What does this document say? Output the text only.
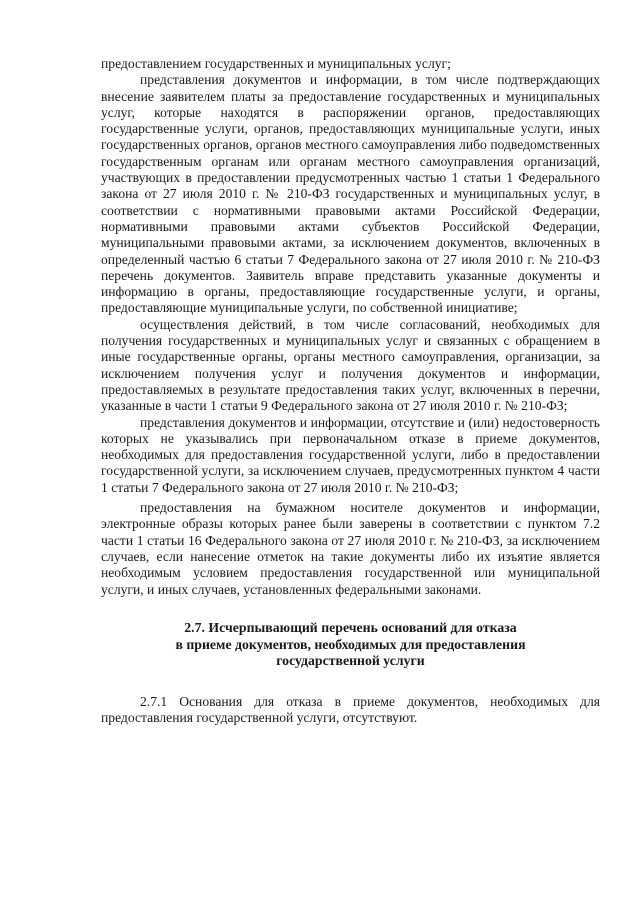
предоставлением государственных и муниципальных услуг;

представления документов и информации, в том числе подтверждающих внесение заявителем платы за предоставление государственных и муниципальных услуг, которые находятся в распоряжении органов, предоставляющих государственные услуги, органов, предоставляющих муниципальные услуги, иных государственных органов, органов местного самоуправления либо подведомственных государственным органам или органам местного самоуправления организаций, участвующих в предоставлении предусмотренных частью 1 статьи 1 Федерального закона от 27 июля 2010 г. № 210-ФЗ государственных и муниципальных услуг, в соответствии с нормативными правовыми актами Российской Федерации, нормативными правовыми актами субъектов Российской Федерации, муниципальными правовыми актами, за исключением документов, включенных в определенный частью 6 статьи 7 Федерального закона от 27 июля 2010 г. № 210-ФЗ перечень документов. Заявитель вправе представить указанные документы и информацию в органы, предоставляющие государственные услуги, и органы, предоставляющие муниципальные услуги, по собственной инициативе;

осуществления действий, в том числе согласований, необходимых для получения государственных и муниципальных услуг и связанных с обращением в иные государственные органы, органы местного самоуправления, организации, за исключением получения услуг и получения документов и информации, предоставляемых в результате предоставления таких услуг, включенных в перечни, указанные в части 1 статьи 9 Федерального закона от 27 июля 2010 г. № 210-ФЗ;

представления документов и информации, отсутствие и (или) недостоверность которых не указывались при первоначальном отказе в приеме документов, необходимых для предоставления государственной услуги, либо в предоставлении государственной услуги, за исключением случаев, предусмотренных пунктом 4 части 1 статьи 7 Федерального закона от 27 июля 2010 г. № 210-ФЗ;

предоставления на бумажном носителе документов и информации, электронные образы которых ранее были заверены в соответствии с пунктом 7.2 части 1 статьи 16 Федерального закона от 27 июля 2010 г. № 210-ФЗ, за исключением случаев, если нанесение отметок на такие документы либо их изъятие является необходимым условием предоставления государственной или муниципальной услуги, и иных случаев, установленных федеральными законами.

2.7. Исчерпывающий перечень оснований для отказа

в приеме документов, необходимых для предоставления

государственной услуги

2.7.1 Основания для отказа в приеме документов, необходимых для предоставления государственной услуги, отсутствуют.
